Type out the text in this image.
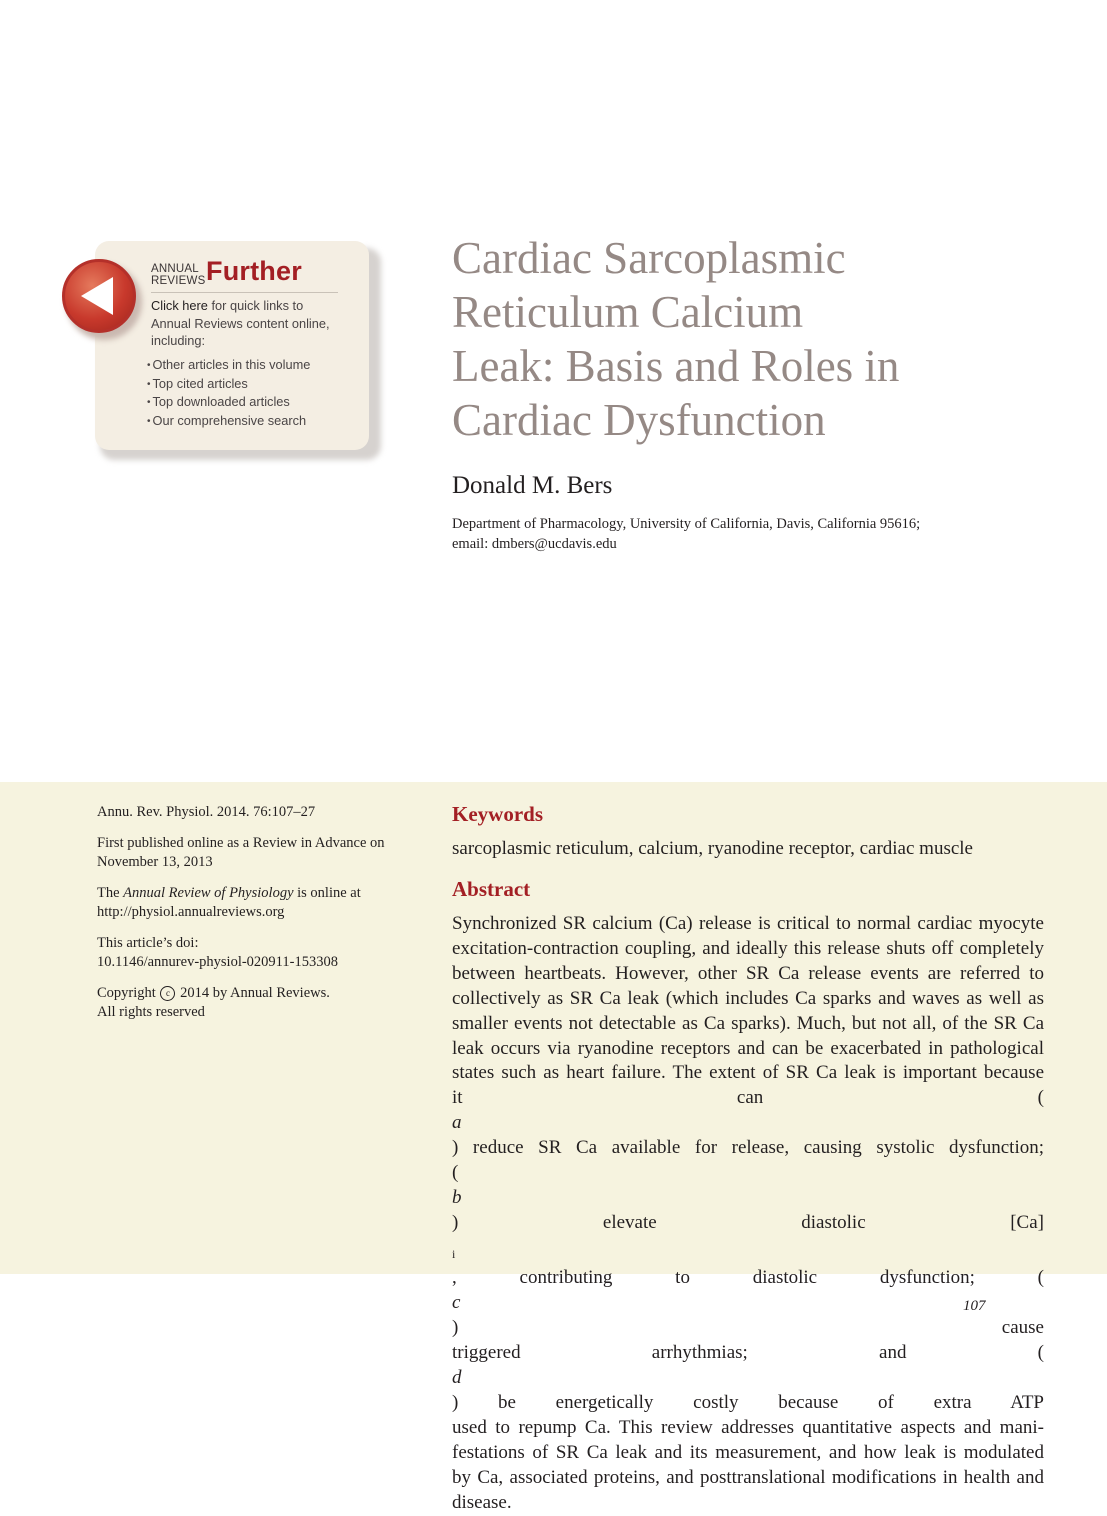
ANNUAL
REVIEWS Further
Click here for quick links to
Annual Reviews content online,
including:
• Other articles in this volume
• Top cited articles
• Top downloaded articles
• Our comprehensive search
Cardiac Sarcoplasmic
Reticulum Calcium
Leak: Basis and Roles in
Cardiac Dysfunction
Donald M. Bers
Department of Pharmacology, University of California, Davis, California 95616;
email: dmbers@ucdavis.edu

Annu. Rev. Physiol. 2014. 76:107–27

First published online as a Review in Advance on
November 13, 2013

The Annual Review of Physiology is online at
http://physiol.annualreviews.org

This article’s doi:
10.1146/annurev-physiol-020911-153308

Copyright c 2014 by Annual Reviews.
All rights reserved

Keywords
sarcoplasmic reticulum, calcium, ryanodine receptor, cardiac muscle
Abstract
Synchronized SR calcium (Ca) release is critical to normal cardiac myocyte
excitation-contraction coupling, and ideally this release shuts off completely
between heartbeats. However, other SR Ca release events are referred to
collectively as SR Ca leak (which includes Ca sparks and waves as well as
smaller events not detectable as Ca sparks). Much, but not all, of the SR Ca
leak occurs via ryanodine receptors and can be exacerbated in pathological
states such as heart failure. The extent of SR Ca leak is important because
it can (
a
) reduce SR Ca available for release, causing systolic dysfunction;
(
b
) elevate diastolic [Ca]
$_i$
, contributing to diastolic dysfunction; (
c
) cause
triggered arrhythmias; and (
d
) be energetically costly because of extra ATP
used to repump Ca. This review addresses quantitative aspects and mani-
festations of SR Ca leak and its measurement, and how leak is modulated
by Ca, associated proteins, and posttranslational modifications in health and
disease.
107
